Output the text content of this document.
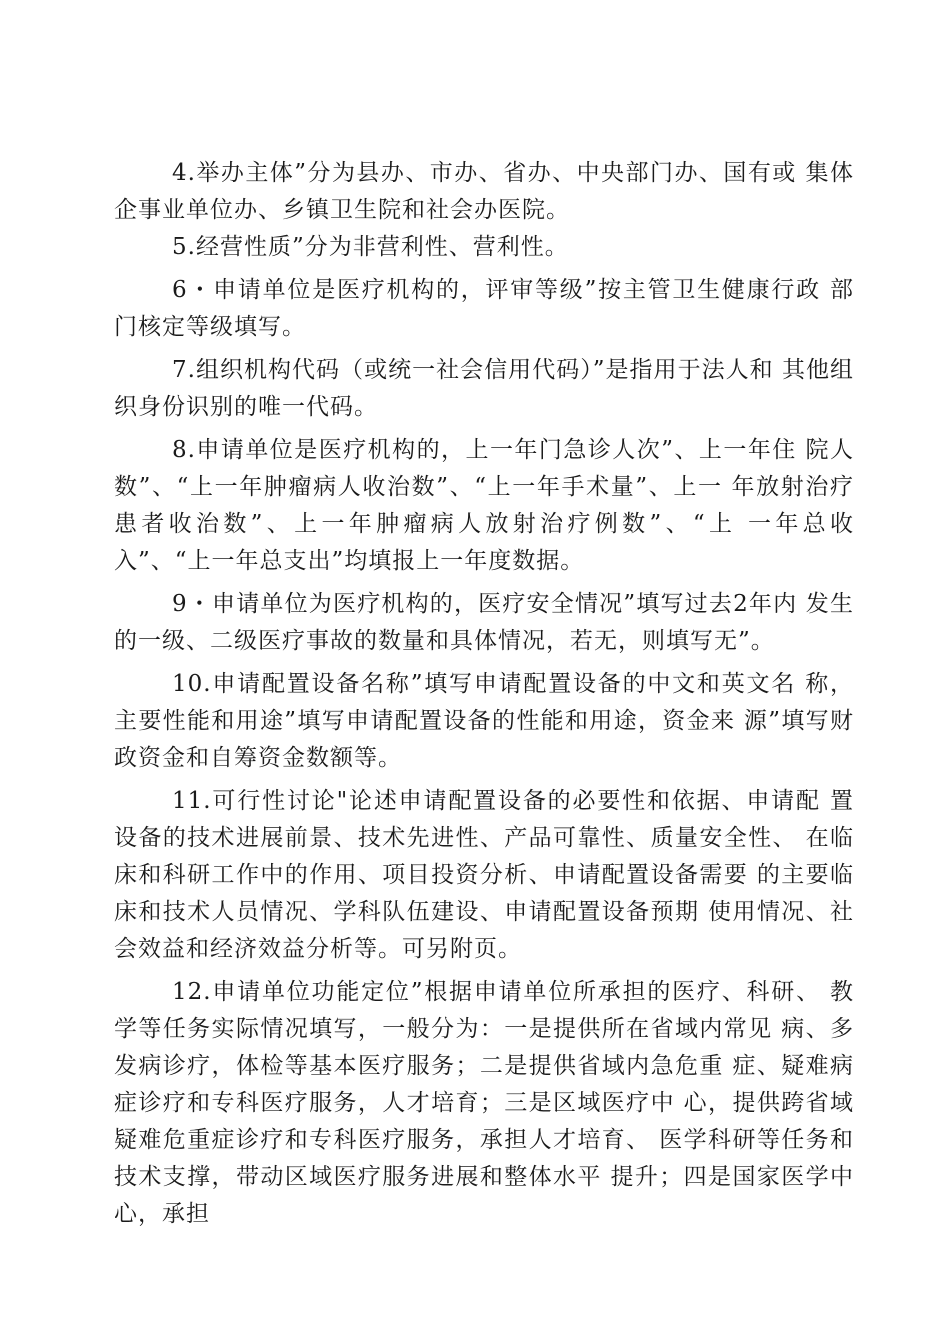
4.举办主体”分为县办、市办、省办、中央部门办、国有或 集体企事业单位办、乡镇卫生院和社会办医院。

5.经营性质”分为非营利性、营利性。

6・申请单位是医疗机构的，评审等级”按主管卫生健康行政 部门核定等级填写。

7.组织机构代码（或统一社会信用代码）”是指用于法人和 其他组织身份识别的唯一代码。

8.申请单位是医疗机构的，上一年门急诊人次”、上一年住 院人数”、“上一年肿瘤病人收治数”、“上一年手术量”、上一 年放射治疗患者收治数”、上一年肿瘤病人放射治疗例数”、“上 一年总收入”、“上一年总支出”均填报上一年度数据。

9・申请单位为医疗机构的，医疗安全情况”填写过去2年内 发生的一级、二级医疗事故的数量和具体情况，若无，则填写无”。

10.申请配置设备名称”填写申请配置设备的中文和英文名 称，主要性能和用途”填写申请配置设备的性能和用途，资金来 源”填写财政资金和自筹资金数额等。

11.可行性讨论"论述申请配置设备的必要性和依据、申请配 置设备的技术进展前景、技术先进性、产品可靠性、质量安全性、 在临床和科研工作中的作用、项目投资分析、申请配置设备需要 的主要临床和技术人员情况、学科队伍建设、申请配置设备预期 使用情况、社会效益和经济效益分析等。可另附页。

12.申请单位功能定位”根据申请单位所承担的医疗、科研、 教学等任务实际情况填写，一般分为：一是提供所在省域内常见 病、多发病诊疗，体检等基本医疗服务；二是提供省域内急危重 症、疑难病症诊疗和专科医疗服务，人才培育；三是区域医疗中 心，提供跨省域疑难危重症诊疗和专科医疗服务，承担人才培育、 医学科研等任务和技术支撑，带动区域医疗服务进展和整体水平 提升；四是国家医学中心，承担
